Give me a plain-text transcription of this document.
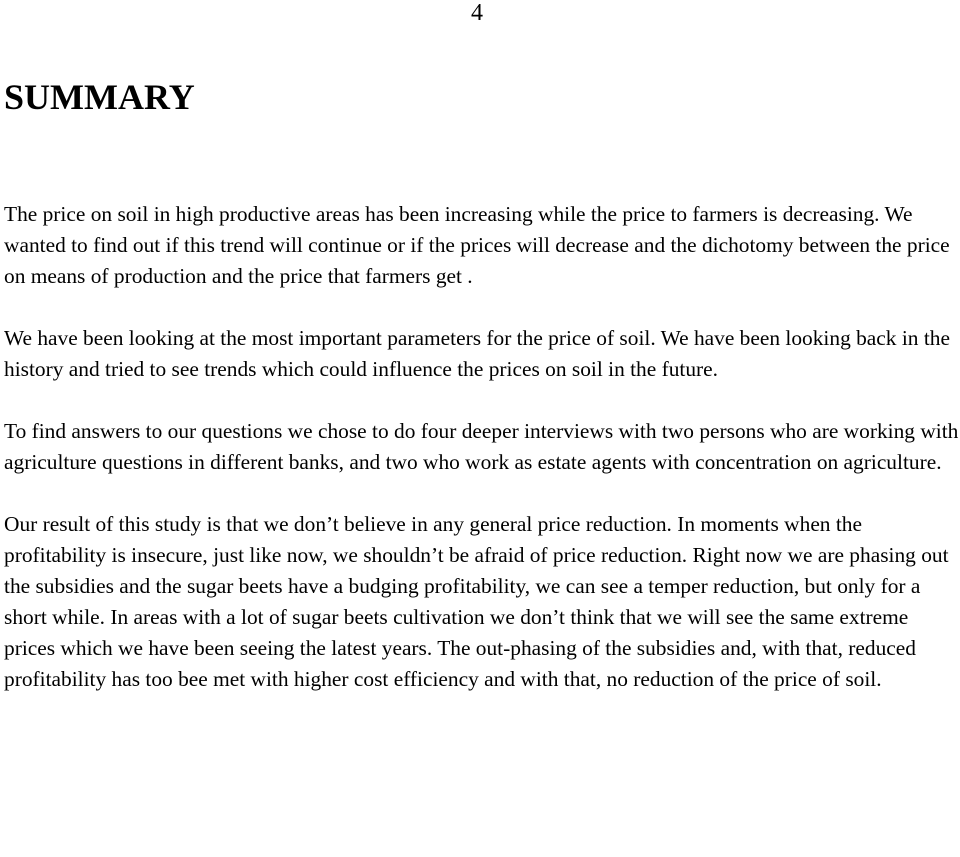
4
SUMMARY

The price on soil in high productive areas has been increasing while the price to farmers is decreasing. We wanted to find out if this trend will continue or if the prices will decrease and the dichotomy between the price on means of production and the price that farmers get .

We have been looking at the most important parameters for the price of soil. We have been looking back in the history and tried to see trends which could influence the prices on soil in the future.

To find answers to our questions we chose to do four deeper interviews with two persons who are working with agriculture questions in different banks, and two who work as estate agents with concentration on agriculture.

Our result of this study is that we don’t believe in any general price reduction. In moments when the profitability is insecure, just like now, we shouldn’t be afraid of price reduction. Right now we are phasing out the subsidies and the sugar beets have a budging profitability, we can see a temper reduction, but only for a short while. In areas with a lot of sugar beets cultivation we don’t think that we will see the same extreme prices which we have been seeing the latest years. The out-phasing of the subsidies and, with that, reduced profitability has too bee met with higher cost efficiency and with that, no reduction of the price of soil.
